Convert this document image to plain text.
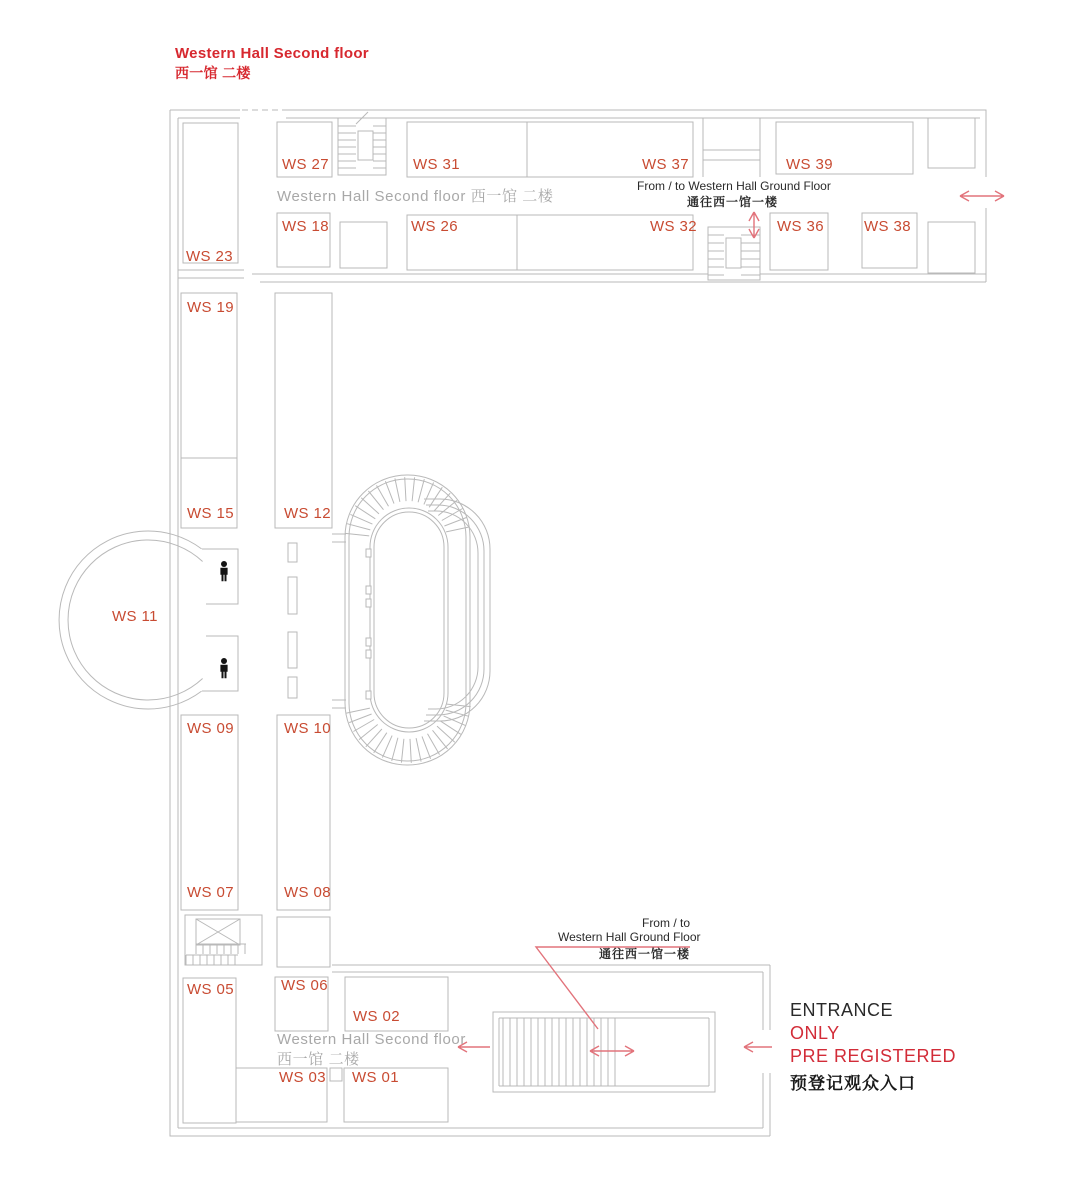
Western Hall Second floor
西一馆 二楼
Western Hall Second floor 西一馆 二楼
From / to Western Hall Ground Floor
通往西一馆一楼
From / to
Western Hall Ground Floor
通往西一馆一楼
Western Hall Second floor
西一馆 二楼
ENTRANCE
ONLY
PRE REGISTERED
预登记观众入口
WS 27	WS 31	WS 37	WS 39
WS 18	WS 26	WS 32	WS 36	WS 38
WS 23
WS 19
WS 15	WS 12
WS 11
WS 09	WS 10
WS 07	WS 08
WS 05	WS 06
WS 02
WS 03 WS 01
